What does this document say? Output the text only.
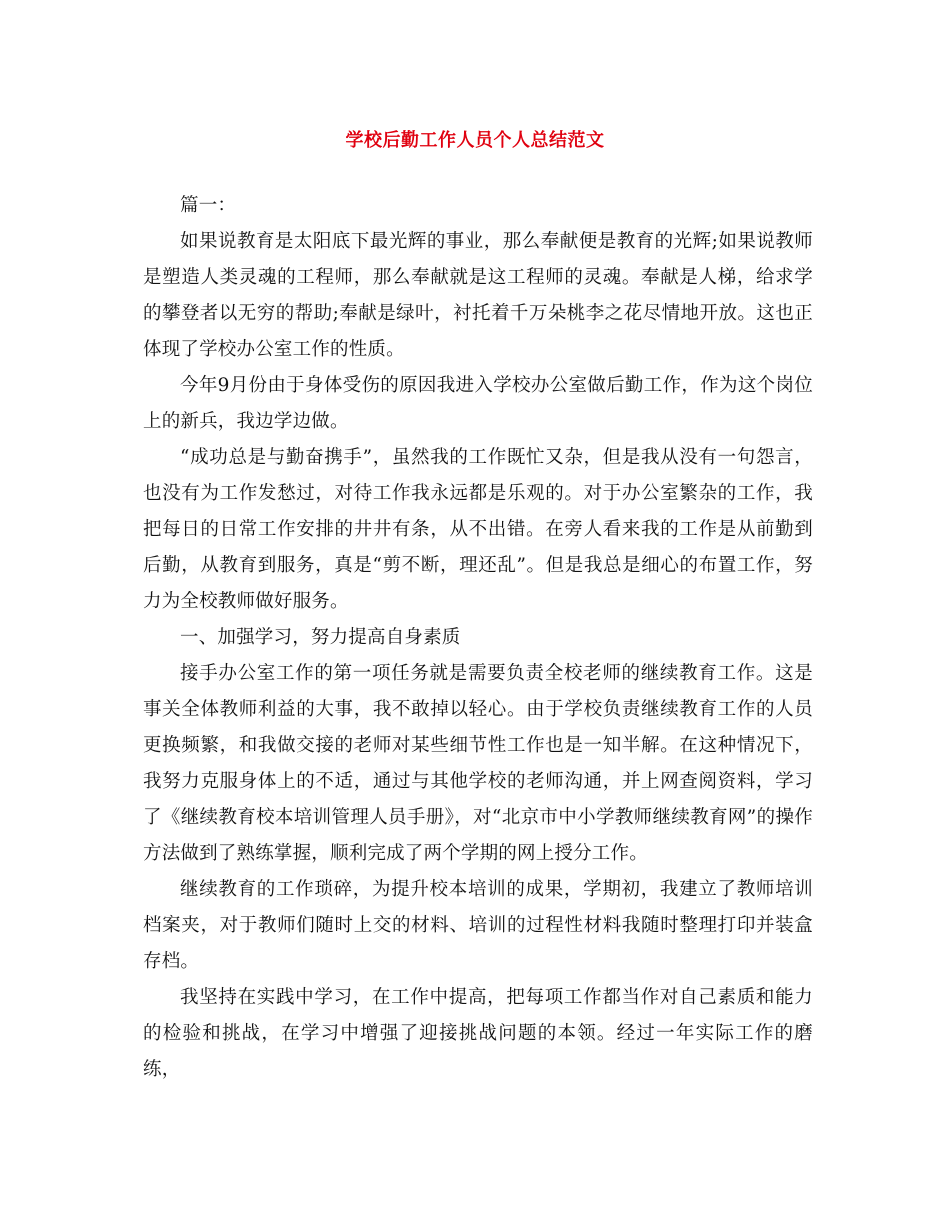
学校后勤工作人员个人总结范文

篇一：

如果说教育是太阳底下最光辉的事业，那么奉献便是教育的光辉;如果说教师是塑造人类灵魂的工程师，那么奉献就是这工程师的灵魂。奉献是人梯，给求学的攀登者以无穷的帮助;奉献是绿叶，衬托着千万朵桃李之花尽情地开放。这也正体现了学校办公室工作的性质。

今年9月份由于身体受伤的原因我进入学校办公室做后勤工作，作为这个岗位上的新兵，我边学边做。

“成功总是与勤奋携手”，虽然我的工作既忙又杂，但是我从没有一句怨言，也没有为工作发愁过，对待工作我永远都是乐观的。对于办公室繁杂的工作，我把每日的日常工作安排的井井有条，从不出错。在旁人看来我的工作是从前勤到后勤，从教育到服务，真是“剪不断，理还乱”。但是我总是细心的布置工作，努力为全校教师做好服务。

一、加强学习，努力提高自身素质

接手办公室工作的第一项任务就是需要负责全校老师的继续教育工作。这是事关全体教师利益的大事，我不敢掉以轻心。由于学校负责继续教育工作的人员更换频繁，和我做交接的老师对某些细节性工作也是一知半解。在这种情况下，我努力克服身体上的不适，通过与其他学校的老师沟通，并上网查阅资料，学习了《继续教育校本培训管理人员手册》，对“北京市中小学教师继续教育网”的操作方法做到了熟练掌握，顺利完成了两个学期的网上授分工作。

继续教育的工作琐碎，为提升校本培训的成果，学期初，我建立了教师培训档案夹，对于教师们随时上交的材料、培训的过程性材料我随时整理打印并装盒存档。

我坚持在实践中学习，在工作中提高，把每项工作都当作对自己素质和能力的检验和挑战，在学习中增强了迎接挑战问题的本领。经过一年实际工作的磨练，
